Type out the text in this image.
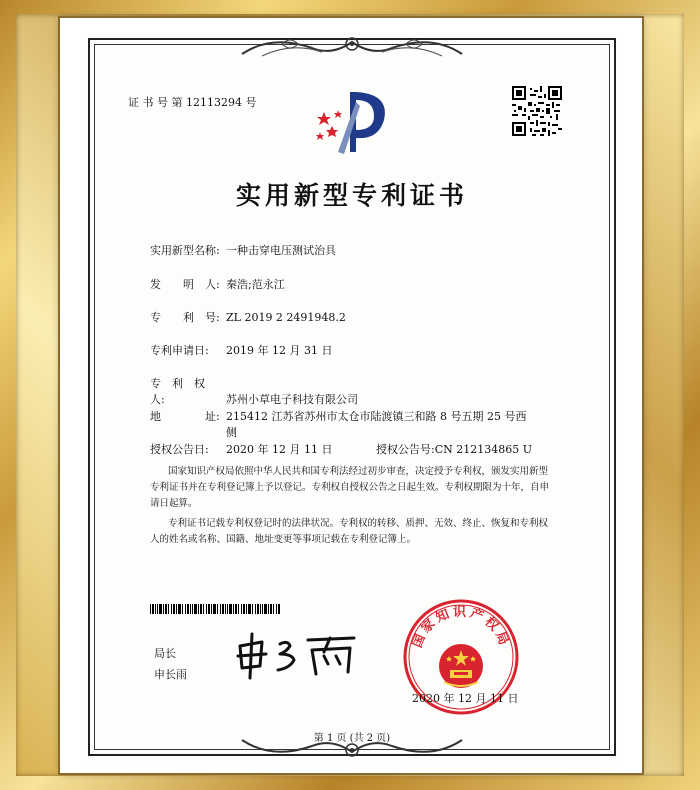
证 书 号 第 12113294 号
实用新型专利证书
实用新型名称: 一种击穿电压测试治具
发　　明　人: 秦浩;范永江
专　　利　号: ZL 2019 2 2491948.2
专利申请日: 2019 年 12 月 31 日
专　利　权　人:	苏州小草电子科技有限公司
地　　　　址: 215412 江苏省苏州市太仓市陆渡镇三和路 8 号五期 25 号西
侧
授权公告日: 2020 年 12 月 11 日	授权公告号:CN 212134865 U
国家知识产权局依照中华人民共和国专利法经过初步审查，决定授予专利权，颁发实用新型专利证书并在专利登记簿上予以登记。专利权自授权公告之日起生效。专利权期限为十年，自申请日起算。
专利证书记载专利权登记时的法律状况。专利权的转移、质押、无效、终止、恢复和专利权人的姓名或名称、国籍、地址变更等事项记载在专利登记簿上。
局长
申长雨
国家知识产权局
2020 年 12 月 11 日
第 1 页 (共 2 页)
